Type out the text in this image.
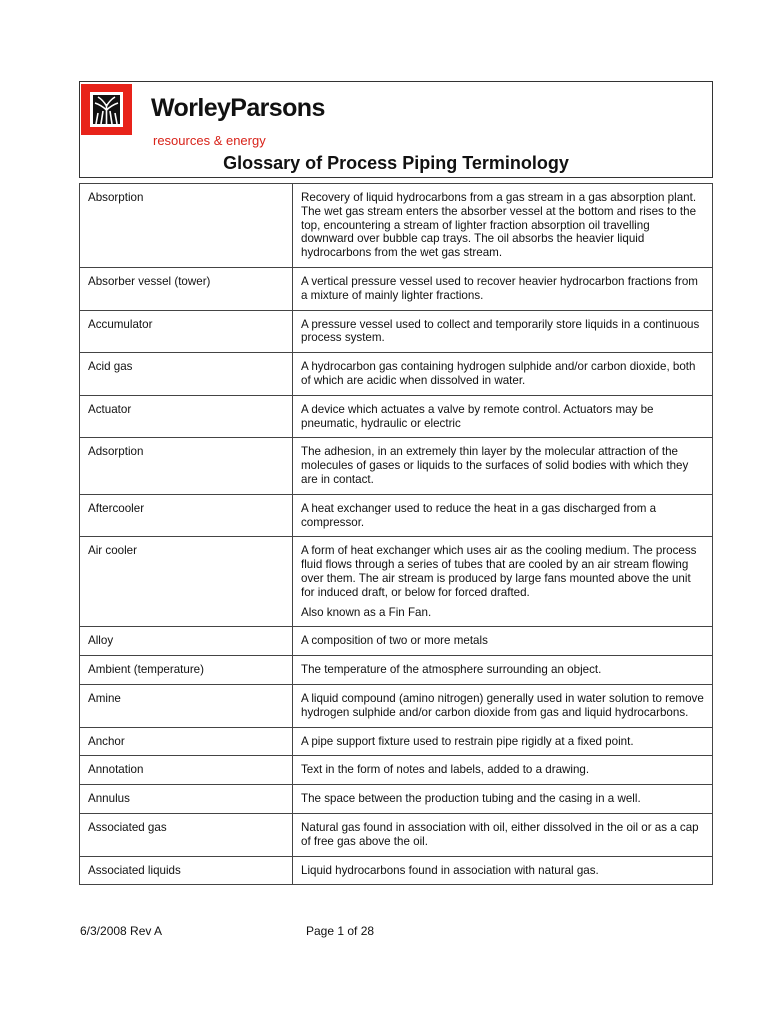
WorleyParsons
resources & energy
Glossary of Process Piping Terminology
Absorption	Recovery of liquid hydrocarbons from a gas stream in a gas absorption plant. The wet gas stream enters the absorber vessel at the bottom and rises to the top, encountering a stream of lighter fraction absorption oil travelling downward over bubble cap trays. The oil absorbs the heavier liquid hydrocarbons from the wet gas stream.

Absorber vessel (tower)	A vertical pressure vessel used to recover heavier hydrocarbon fractions from a mixture of mainly lighter fractions.

Accumulator	A pressure vessel used to collect and temporarily store liquids in a continuous process system.

Acid gas	A hydrocarbon gas containing hydrogen sulphide and/or carbon dioxide, both of which are acidic when dissolved in water.

Actuator	A device which actuates a valve by remote control. Actuators may be pneumatic, hydraulic or electric

Adsorption	The adhesion, in an extremely thin layer by the molecular attraction of the molecules of gases or liquids to the surfaces of solid bodies with which they are in contact.

Aftercooler	A heat exchanger used to reduce the heat in a gas discharged from a compressor.

Air cooler	A form of heat exchanger which uses air as the cooling medium. The process fluid flows through a series of tubes that are cooled by an air stream flowing over them. The air stream is produced by large fans mounted above the unit for induced draft, or below for forced drafted.

Also known as a Fin Fan.

Alloy	A composition of two or more metals

Ambient (temperature)	The temperature of the atmosphere surrounding an object.

Amine	A liquid compound (amino nitrogen) generally used in water solution to remove hydrogen sulphide and/or carbon dioxide from gas and liquid hydrocarbons.

Anchor	A pipe support fixture used to restrain pipe rigidly at a fixed point.

Annotation	Text in the form of notes and labels, added to a drawing.

Annulus	The space between the production tubing and the casing in a well.

Associated gas	Natural gas found in association with oil, either dissolved in the oil or as a cap of free gas above the oil.

Associated liquids	Liquid hydrocarbons found in association with natural gas.

6/3/2008 Rev A	Page 1 of 28
